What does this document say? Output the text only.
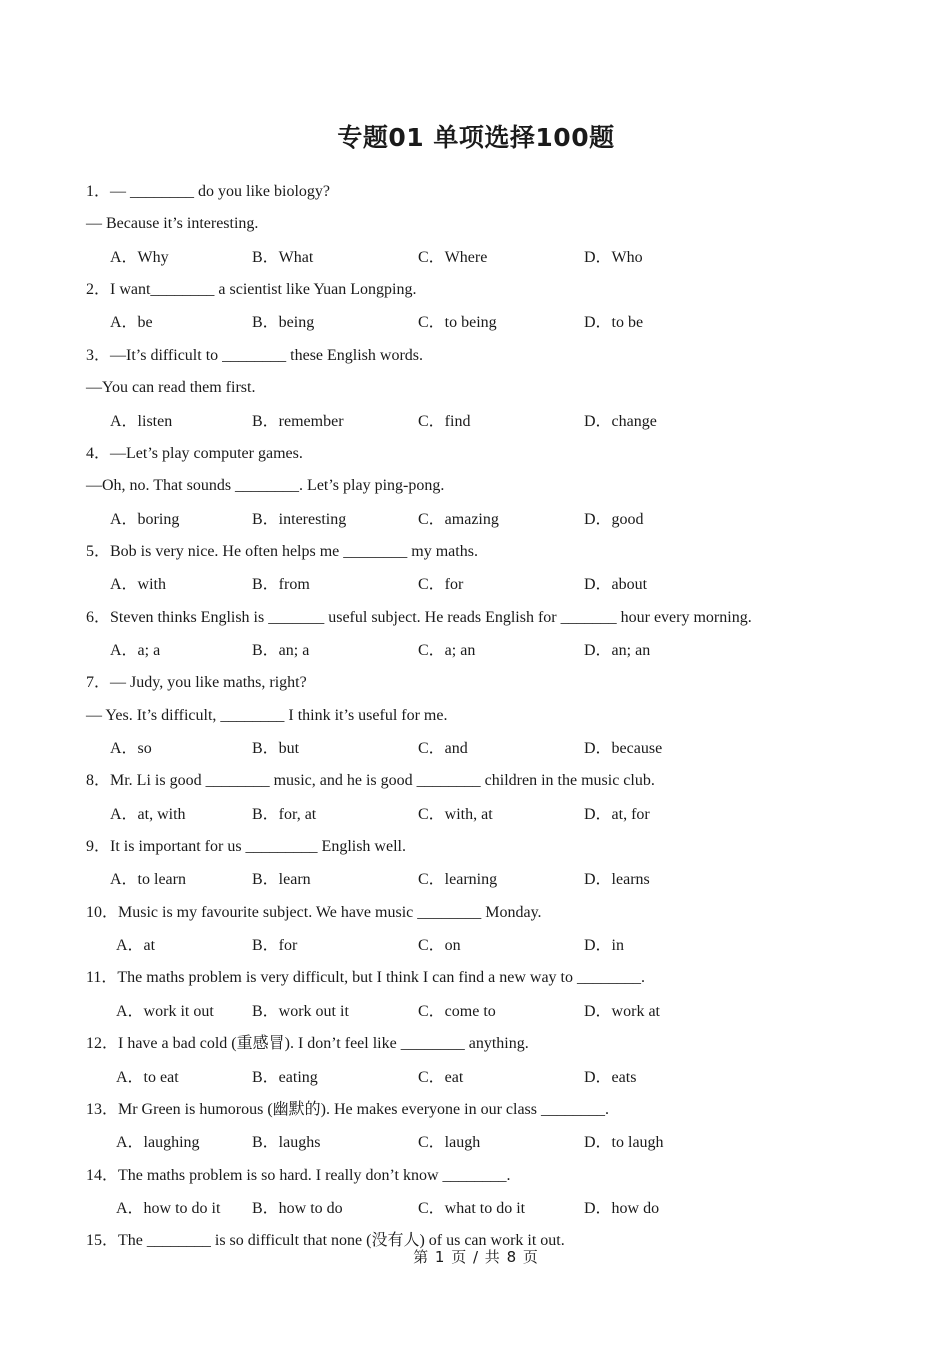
专题01 单项选择100题
1．— ________ do you like biology?
— Because it’s interesting.
A．Why	B．What	C．Where	D．Who
2．I want________ a scientist like Yuan Longping.
A．be	B．being	C．to being	D．to be
3．—It’s difficult to ________ these English words.
—You can read them first.
A．listen	B．remember	C．find	D．change
4．—Let’s play computer games.
—Oh, no. That sounds ________. Let’s play ping-pong.
A．boring	B．interesting	C．amazing	D．good
5．Bob is very nice. He often helps me ________ my maths.
A．with	B．from	C．for	D．about
6．Steven thinks English is _______ useful subject. He reads English for _______ hour every morning.
A．a; a	B．an; a	C．a; an	D．an; an
7．— Judy, you like maths, right?
— Yes. It’s difficult, ________ I think it’s useful for me.
A．so	B．but	C．and	D．because
8．Mr. Li is good ________ music, and he is good ________ children in the music club.
A．at, with	B．for, at	C．with, at	D．at, for
9．It is important for us _________ English well.
A．to learn	B．learn	C．learning	D．learns
10．Music is my favourite subject. We have music ________ Monday.
A．at	B．for	C．on	D．in
11．The maths problem is very difficult, but I think I can find a new way to ________.
A．work it out B．work out it	C．come to	D．work at
12．I have a bad cold (重感冒). I don’t feel like ________ anything.
A．to eat	B．eating	C．eat	D．eats
13．Mr Green is humorous (幽默的). He makes everyone in our class ________.
A．laughing	B．laughs	C．laugh	D．to laugh
14．The maths problem is so hard. I really don’t know ________.
A．how to do it B．how to do	C．what to do it	D．how do
15．The ________ is so difficult that none (没有人) of us can work it out.
第 1 页 / 共 8 页
